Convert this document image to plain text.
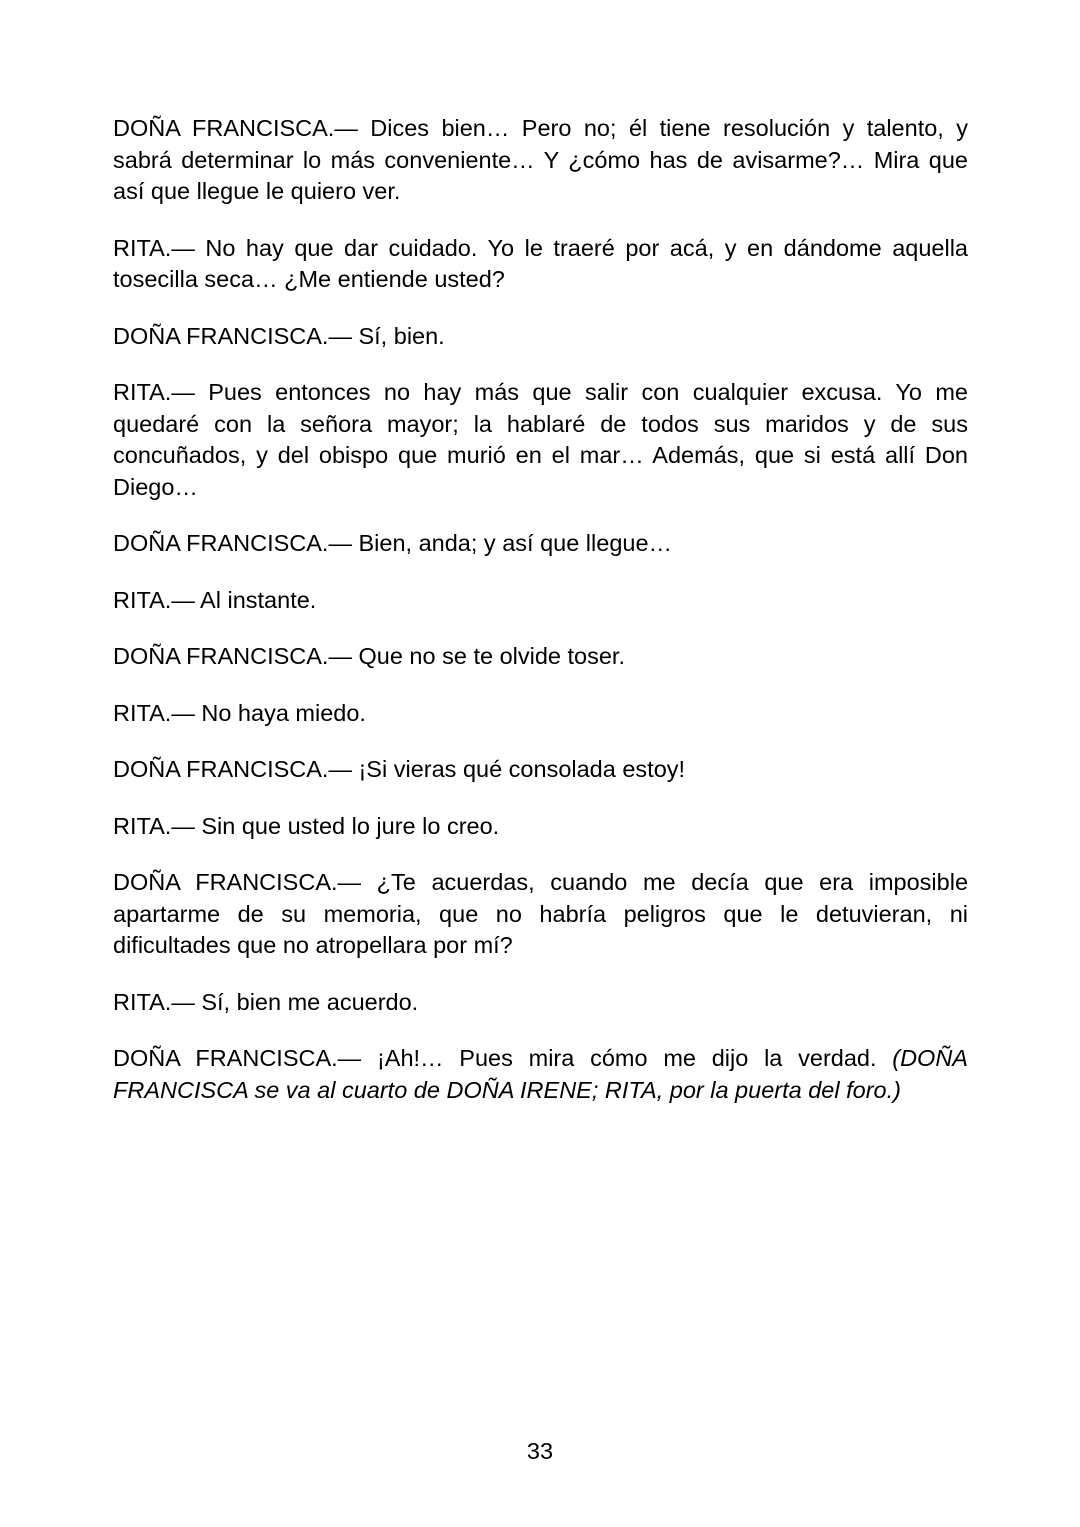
DOÑA FRANCISCA.— Dices bien… Pero no; él tiene resolución y talento, y sabrá determinar lo más conveniente… Y ¿cómo has de avisarme?… Mira que así que llegue le quiero ver.

RITA.— No hay que dar cuidado. Yo le traeré por acá, y en dándome aquella tosecilla seca… ¿Me entiende usted?

DOÑA FRANCISCA.— Sí, bien.

RITA.— Pues entonces no hay más que salir con cualquier excusa. Yo me quedaré con la señora mayor; la hablaré de todos sus maridos y de sus concuñados, y del obispo que murió en el mar… Además, que si está allí Don Diego…

DOÑA FRANCISCA.— Bien, anda; y así que llegue…

RITA.— Al instante.

DOÑA FRANCISCA.— Que no se te olvide toser.

RITA.— No haya miedo.

DOÑA FRANCISCA.— ¡Si vieras qué consolada estoy!

RITA.— Sin que usted lo jure lo creo.

DOÑA FRANCISCA.— ¿Te acuerdas, cuando me decía que era imposible apartarme de su memoria, que no habría peligros que le detuvieran, ni dificultades que no atropellara por mí?

RITA.— Sí, bien me acuerdo.

DOÑA FRANCISCA.— ¡Ah!… Pues mira cómo me dijo la verdad. (DOÑA FRANCISCA se va al cuarto de DOÑA IRENE; RITA, por la puerta del foro.)

33
